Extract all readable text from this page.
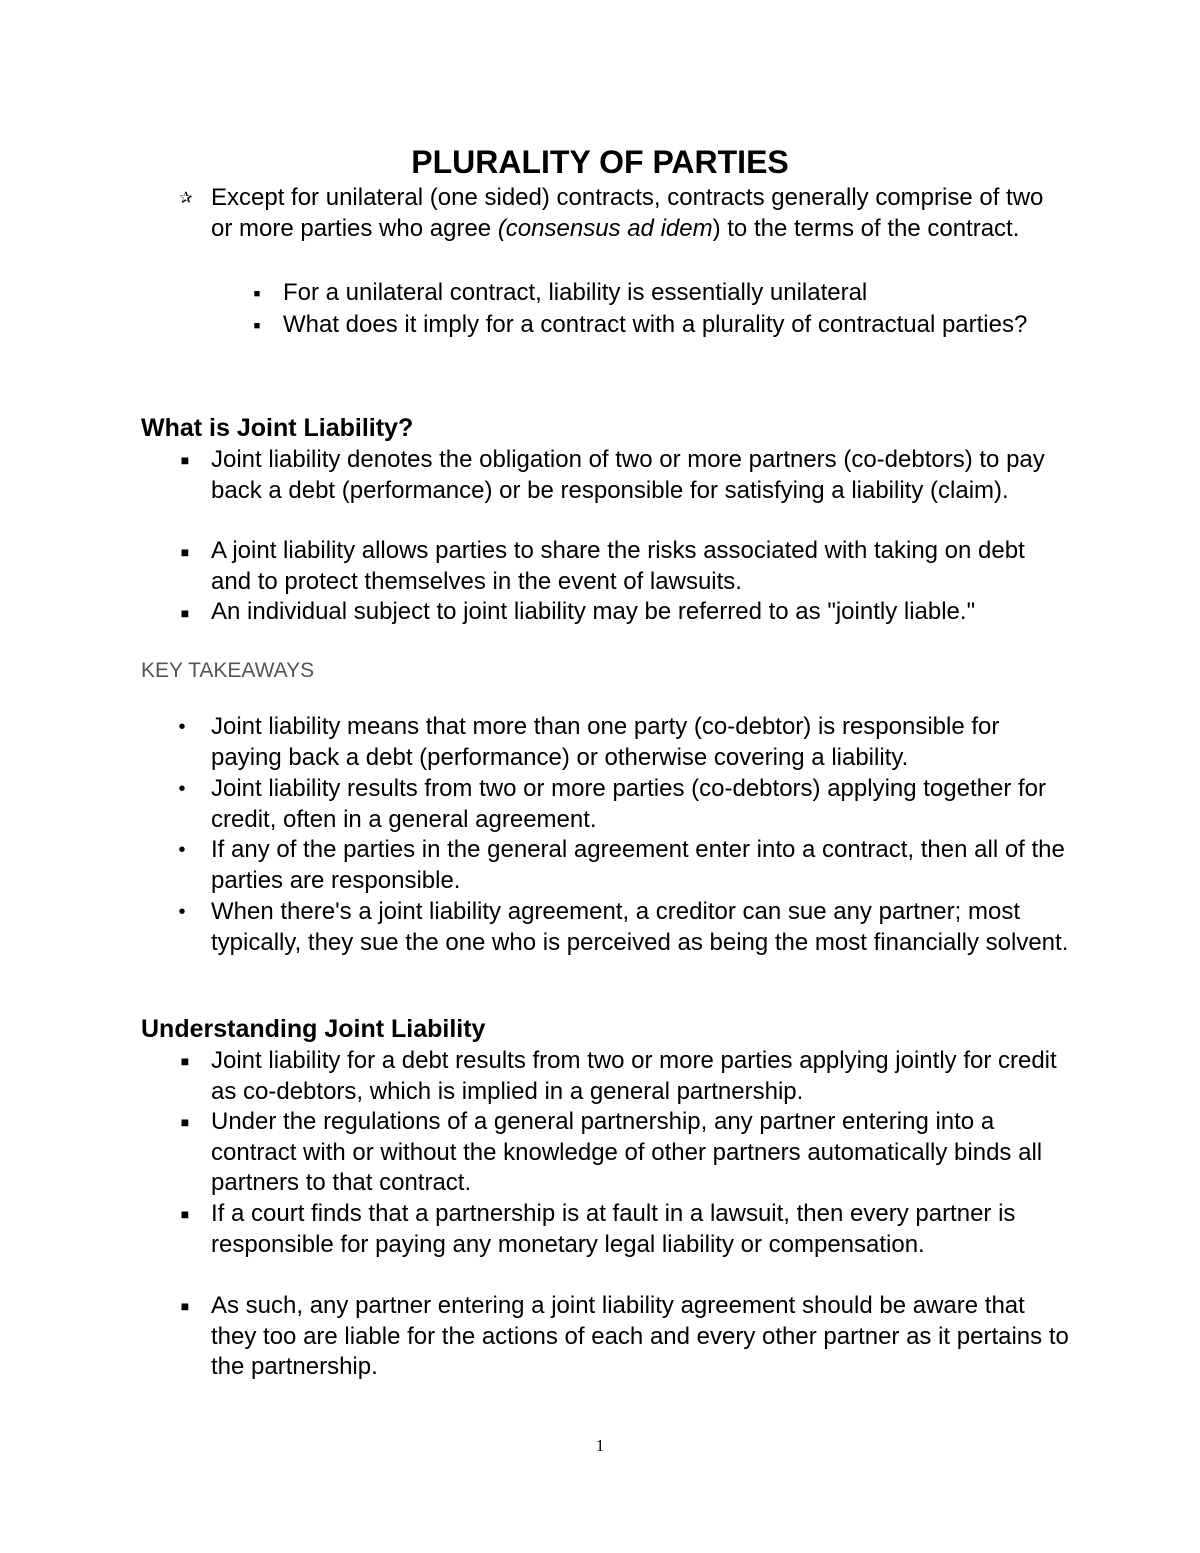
PLURALITY OF PARTIES
✰ Except for unilateral (one sided) contracts, contracts generally comprise of two or more parties who agree (consensus ad idem) to the terms of the contract.
■ For a unilateral contract, liability is essentially unilateral
■ What does it imply for a contract with a plurality of contractual parties?
What is Joint Liability?
■ Joint liability denotes the obligation of two or more partners (co-debtors) to pay back a debt (performance) or be responsible for satisfying a liability (claim).
■ A joint liability allows parties to share the risks associated with taking on debt and to protect themselves in the event of lawsuits.
■ An individual subject to joint liability may be referred to as "jointly liable."
KEY TAKEAWAYS
• Joint liability means that more than one party (co-debtor) is responsible for paying back a debt (performance) or otherwise covering a liability.
• Joint liability results from two or more parties (co-debtors) applying together for credit, often in a general agreement.
• If any of the parties in the general agreement enter into a contract, then all of the parties are responsible.
• When there's a joint liability agreement, a creditor can sue any partner; most typically, they sue the one who is perceived as being the most financially solvent.
Understanding Joint Liability
■ Joint liability for a debt results from two or more parties applying jointly for credit as co-debtors, which is implied in a general partnership.
■ Under the regulations of a general partnership, any partner entering into a contract with or without the knowledge of other partners automatically binds all partners to that contract.
■ If a court finds that a partnership is at fault in a lawsuit, then every partner is responsible for paying any monetary legal liability or compensation.
■ As such, any partner entering a joint liability agreement should be aware that they too are liable for the actions of each and every other partner as it pertains to the partnership.
1
